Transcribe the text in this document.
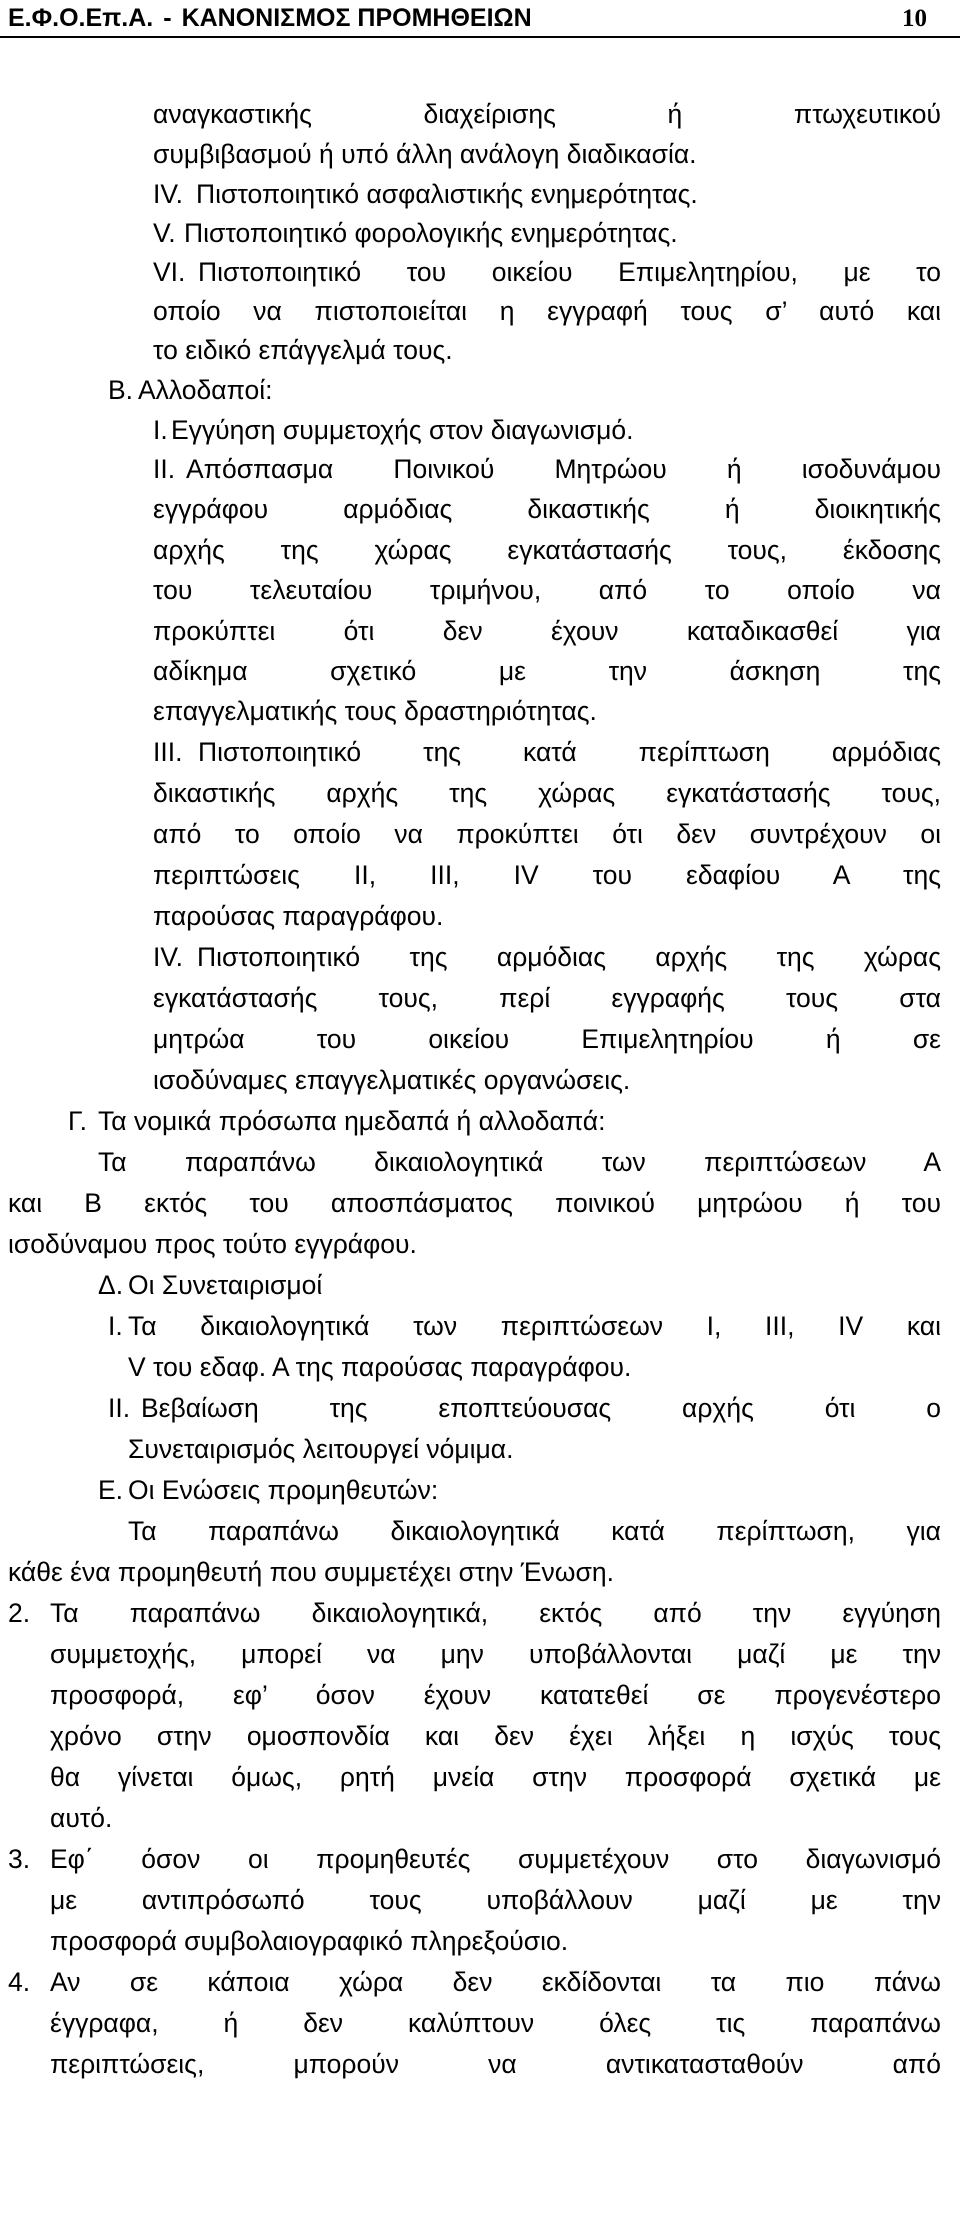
Ε.Φ.Ο.Επ.Α. - ΚΑΝΟΝΙΣΜΟΣ ΠΡΟΜΗΘΕΙΩΝ	10
αναγκαστικής διαχείρισης ή πτωχευτικού
συμβιβασμού ή υπό άλλη ανάλογη διαδικασία.
IV. Πιστοποιητικό ασφαλιστικής ενημερότητας.
V. Πιστοποιητικό φορολογικής ενημερότητας.
VI. Πιστοποιητικό του οικείου Επιμελητηρίου, με το
οποίο να πιστοποιείται η εγγραφή τους σ’ αυτό και
το ειδικό επάγγελμά τους.
Β. Αλλοδαποί:
I. Εγγύηση συμμετοχής στον διαγωνισμό.
II. Απόσπασμα Ποινικού Μητρώου ή ισοδυνάμου
εγγράφου αρμόδιας δικαστικής ή διοικητικής
αρχής της χώρας εγκατάστασής τους, έκδοσης
του τελευταίου τριμήνου, από το οποίο να
προκύπτει ότι δεν έχουν καταδικασθεί για
αδίκημα σχετικό με την άσκηση της
επαγγελματικής τους δραστηριότητας.
III. Πιστοποιητικό της κατά περίπτωση αρμόδιας
δικαστικής αρχής της χώρας εγκατάστασής τους,
από το οποίο να προκύπτει ότι δεν συντρέχουν οι
περιπτώσεις II, III, IV του εδαφίου Α της
παρούσας παραγράφου.
IV. Πιστοποιητικό της αρμόδιας αρχής της χώρας
εγκατάστασής τους, περί εγγραφής τους στα
μητρώα του οικείου Επιμελητηρίου ή σε
ισοδύναμες επαγγελματικές οργανώσεις.
Γ. Τα νομικά πρόσωπα ημεδαπά ή αλλοδαπά:
Τα παραπάνω δικαιολογητικά των περιπτώσεων Α
και Β εκτός του αποσπάσματος ποινικού μητρώου ή του
ισοδύναμου προς τούτο εγγράφου.
Δ. Οι Συνεταιρισμοί
I. Τα δικαιολογητικά των περιπτώσεων I, III, IV και
V του εδαφ. Α της παρούσας παραγράφου.
II. Βεβαίωση της εποπτεύουσας αρχής ότι ο
Συνεταιρισμός λειτουργεί νόμιμα.
Ε. Οι Ενώσεις προμηθευτών:
Τα παραπάνω δικαιολογητικά κατά περίπτωση, για
κάθε ένα προμηθευτή που συμμετέχει στην Ένωση.
2. Τα παραπάνω δικαιολογητικά, εκτός από την εγγύηση
συμμετοχής, μπορεί να μην υποβάλλονται μαζί με την
προσφορά, εφ’ όσον έχουν κατατεθεί σε προγενέστερο
χρόνο στην ομοσπονδία και δεν έχει λήξει η ισχύς τους
θα γίνεται όμως, ρητή μνεία στην προσφορά σχετικά με
αυτό.
3. Εφ΄ όσον οι προμηθευτές συμμετέχουν στο διαγωνισμό
με αντιπρόσωπό τους υποβάλλουν μαζί με την
προσφορά συμβολαιογραφικό πληρεξούσιο.
4. Αν σε κάποια χώρα δεν εκδίδονται τα πιο πάνω
έγγραφα, ή δεν καλύπτουν όλες τις παραπάνω
περιπτώσεις, μπορούν να αντικατασταθούν από
